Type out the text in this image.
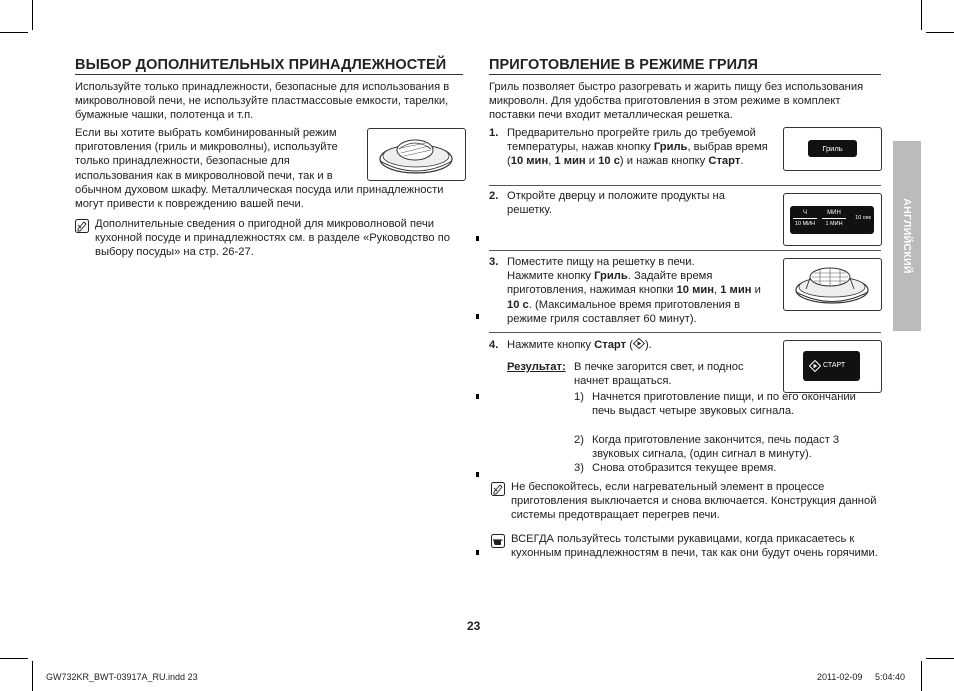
ВЫБОР ДОПОЛНИТЕЛЬНЫХ ПРИНАДЛЕЖНОСТЕЙ
Используйте только принадлежности, безопасные для использования в микроволновой печи, не используйте пластмассовые емкости, тарелки, бумажные чашки, полотенца и т.п.
Если вы хотите выбрать комбинированный режим приготовления (гриль и микроволны), используйте только принадлежности, безопасные для использования как в микроволновой печи, так и в
обычном духовом шкафу. Металлическая посуда или принадлежности могут привести к повреждению вашей печи.
Дополнительные сведения о пригодной для микроволновой печи кухонной посуде и принадлежностях см. в разделе «Руководство по выбору посуды» на стр. 26-27.
ПРИГОТОВЛЕНИЕ В РЕЖИМЕ ГРИЛЯ
Гриль позволяет быстро разогревать и жарить пищу без использования микроволн. Для удобства приготовления в этом режиме в комплект поставки печи входит металлическая решетка.
1. Предварительно прогрейте гриль до требуемой температуры, нажав кнопку Гриль, выбрав время (10 мин, 1 мин и 10 с) и нажав кнопку Старт.
Гриль
2. Откройте дверцу и положите продукты на решетку.	Ч	МИН
10 сек
10 МИН	1 МИН
3. Поместите пищу на решетку в печи.
Нажмите кнопку Гриль. Задайте время приготовления, нажимая кнопки 10 мин, 1 мин и 10 с. (Максимальное время приготовления в режиме гриля составляет 60 минут).
4. Нажмите кнопку Старт ( ).
СТАРТ
Результат: В печке загорится свет, и поднос начнет вращаться.
1) Начнется приготовление пищи, и по его окончании печь выдаст четыре звуковых сигнала.
2) Когда приготовление закончится, печь подаст 3 звуковых сигнала, (один сигнал в минуту).
3) Снова отобразится текущее время.
Не беспокойтесь, если нагревательный элемент в процессе приготовления выключается и снова включается. Конструкция данной системы предотвращает перегрев печи.
ВСЕГДА пользуйтесь толстыми рукавицами, когда прикасаетесь к кухонным принадлежностям в печи, так как они будут очень горячими.
АНГЛИЙСКИЙ
23
GW732KR_BWT-03917A_RU.indd 23	2011-02-09 5:04:40
